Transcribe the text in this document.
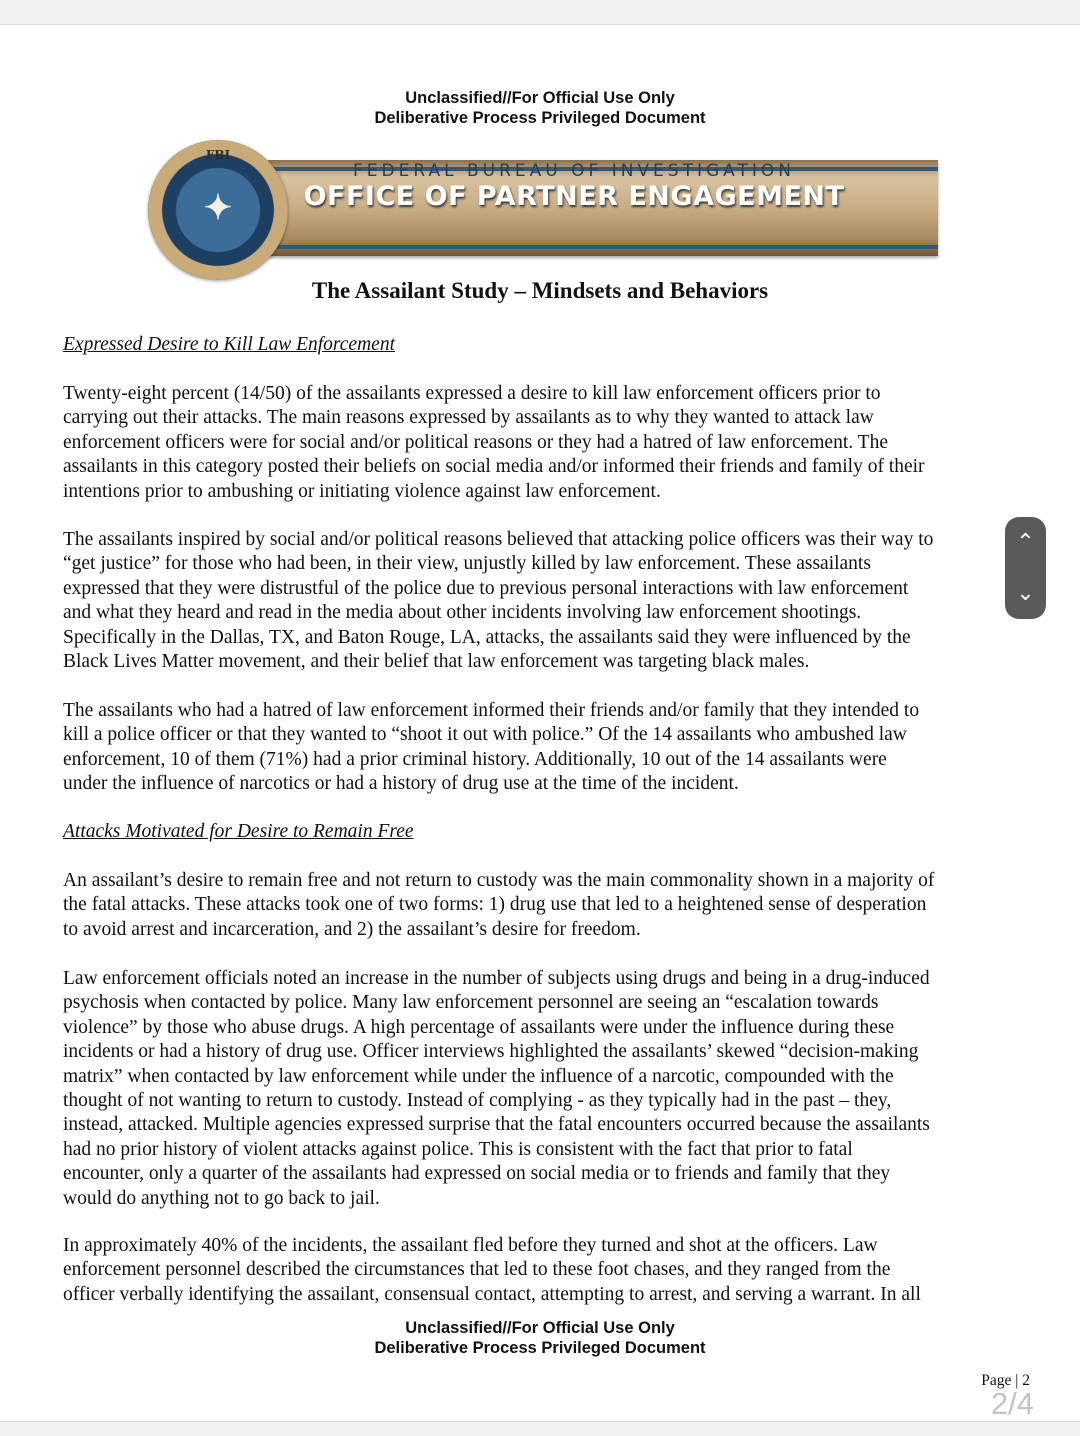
Unclassified//For Official Use Only
Deliberative Process Privileged Document
FEDERAL BUREAU OF INVESTIGATION
OFFICE OF PARTNER ENGAGEMENT
FBI
✦
The Assailant Study – Mindsets and Behaviors
Expressed Desire to Kill Law Enforcement
Twenty-eight percent (14/50) of the assailants expressed a desire to kill law enforcement officers prior to
carrying out their attacks. The main reasons expressed by assailants as to why they wanted to attack law
enforcement officers were for social and/or political reasons or they had a hatred of law enforcement. The
assailants in this category posted their beliefs on social media and/or informed their friends and family of their
intentions prior to ambushing or initiating violence against law enforcement.
The assailants inspired by social and/or political reasons believed that attacking police officers was their way to
“get justice” for those who had been, in their view, unjustly killed by law enforcement. These assailants
expressed that they were distrustful of the police due to previous personal interactions with law enforcement
and what they heard and read in the media about other incidents involving law enforcement shootings.
Specifically in the Dallas, TX, and Baton Rouge, LA, attacks, the assailants said they were influenced by the
Black Lives Matter movement, and their belief that law enforcement was targeting black males.
The assailants who had a hatred of law enforcement informed their friends and/or family that they intended to
kill a police officer or that they wanted to “shoot it out with police.” Of the 14 assailants who ambushed law
enforcement, 10 of them (71%) had a prior criminal history. Additionally, 10 out of the 14 assailants were
under the influence of narcotics or had a history of drug use at the time of the incident.
Attacks Motivated for Desire to Remain Free
An assailant’s desire to remain free and not return to custody was the main commonality shown in a majority of
the fatal attacks. These attacks took one of two forms: 1) drug use that led to a heightened sense of desperation
to avoid arrest and incarceration, and 2) the assailant’s desire for freedom.
Law enforcement officials noted an increase in the number of subjects using drugs and being in a drug-induced
psychosis when contacted by police. Many law enforcement personnel are seeing an “escalation towards
violence” by those who abuse drugs. A high percentage of assailants were under the influence during these
incidents or had a history of drug use. Officer interviews highlighted the assailants’ skewed “decision-making
matrix” when contacted by law enforcement while under the influence of a narcotic, compounded with the
thought of not wanting to return to custody. Instead of complying - as they typically had in the past – they,
instead, attacked. Multiple agencies expressed surprise that the fatal encounters occurred because the assailants
had no prior history of violent attacks against police. This is consistent with the fact that prior to fatal
encounter, only a quarter of the assailants had expressed on social media or to friends and family that they
would do anything not to go back to jail.
In approximately 40% of the incidents, the assailant fled before they turned and shot at the officers. Law
enforcement personnel described the circumstances that led to these foot chases, and they ranged from the
officer verbally identifying the assailant, consensual contact, attempting to arrest, and serving a warrant. In all
Unclassified//For Official Use Only
Deliberative Process Privileged Document
Page | 2
2/4
⌃
⌄
